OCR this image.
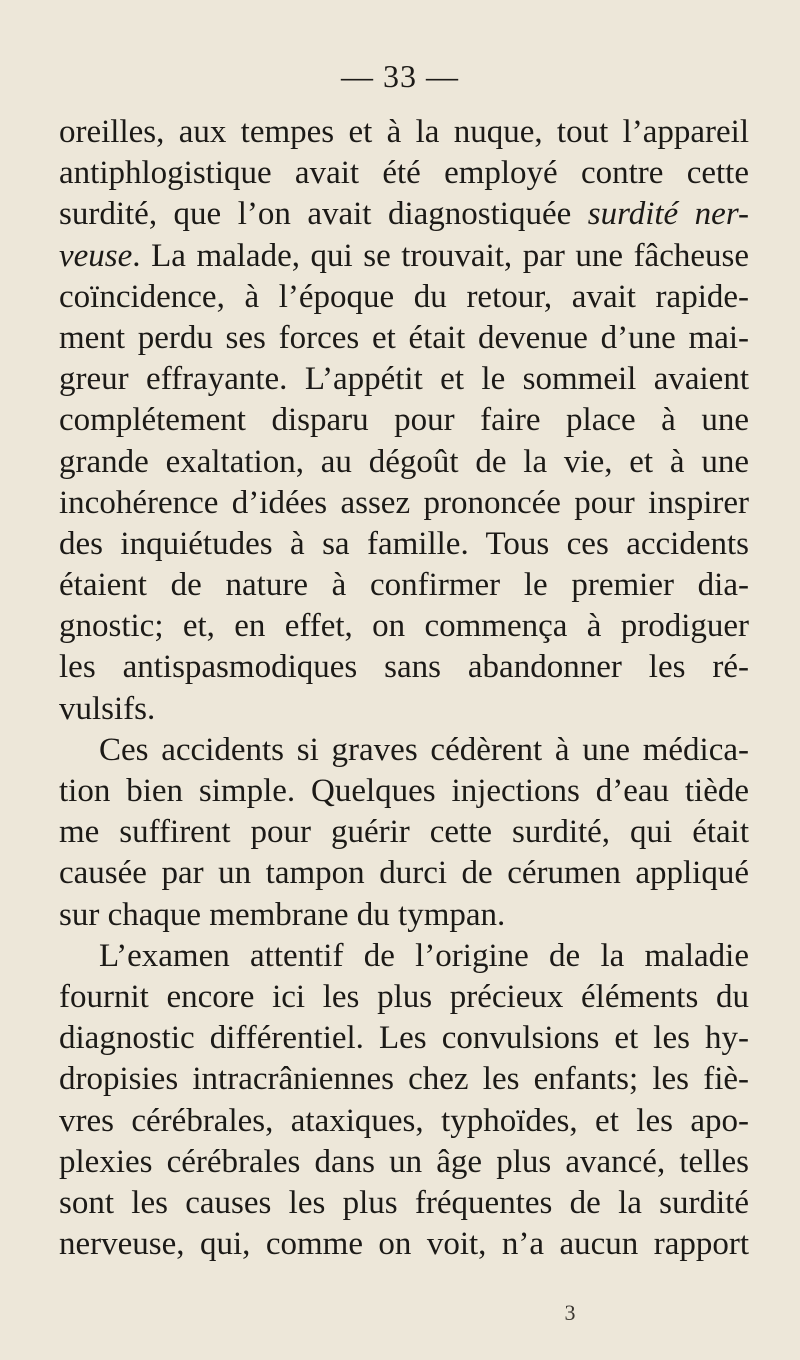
— 33 —
oreilles, aux tempes et à la nuque, tout l’appareil
antiphlogistique avait été employé contre cette
surdité, que l’on avait diagnostiquée surdité ner-
veuse. La malade, qui se trouvait, par une fâcheuse
coïncidence, à l’époque du retour, avait rapide-
ment perdu ses forces et était devenue d’une mai-
greur effrayante. L’appétit et le sommeil avaient
complétement disparu pour faire place à une
grande exaltation, au dégoût de la vie, et à une
incohérence d’idées assez prononcée pour inspirer
des inquiétudes à sa famille. Tous ces accidents
étaient de nature à confirmer le premier dia-
gnostic; et, en effet, on commença à prodiguer
les antispasmodiques sans abandonner les ré-
vulsifs.
Ces accidents si graves cédèrent à une médica-
tion bien simple. Quelques injections d’eau tiède
me suffirent pour guérir cette surdité, qui était
causée par un tampon durci de cérumen appliqué
sur chaque membrane du tympan.
L’examen attentif de l’origine de la maladie
fournit encore ici les plus précieux éléments du
diagnostic différentiel. Les convulsions et les hy-
dropisies intracrâniennes chez les enfants; les fiè-
vres cérébrales, ataxiques, typhoïdes, et les apo-
plexies cérébrales dans un âge plus avancé, telles
sont les causes les plus fréquentes de la surdité
nerveuse, qui, comme on voit, n’a aucun rapport
3
